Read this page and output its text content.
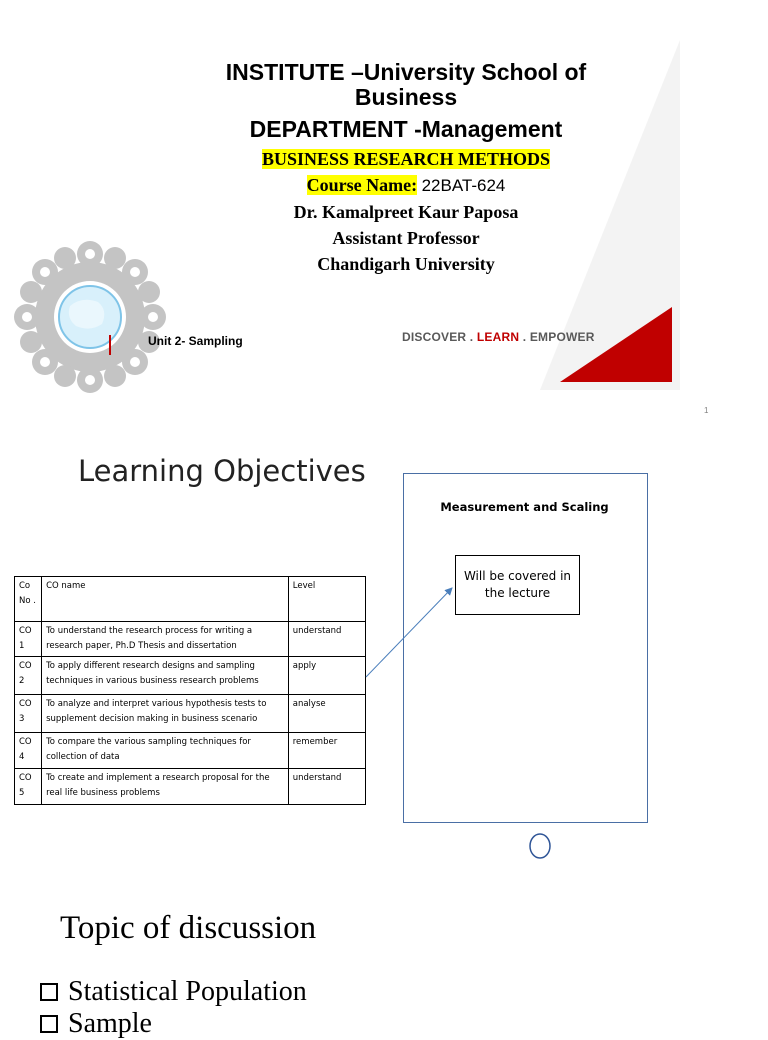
INSTITUTE –University School of
Business
DEPARTMENT -Management
BUSINESS RESEARCH METHODS
Course Name: 22BAT-624
Dr. Kamalpreet Kaur Paposa
Assistant Professor
Chandigarh University
Unit 2- Sampling	DISCOVER . LEARN . EMPOWER
1
Learning Objectives
Co No .	CO name	Level
CO 1	To understand the research process for writing a research paper, Ph.D Thesis and dissertation	understand
CO 2	To apply different research designs and sampling techniques in various business research problems	apply
CO 3	To analyze and interpret various hypothesis tests to supplement decision making in business scenario	analyse
CO 4	To compare the various sampling techniques for collection of data	remember
CO 5	To create and implement a research proposal for the real life business problems	understand
Measurement and Scaling
Will be covered in the lecture
Topic of discussion
Statistical Population
Sample
